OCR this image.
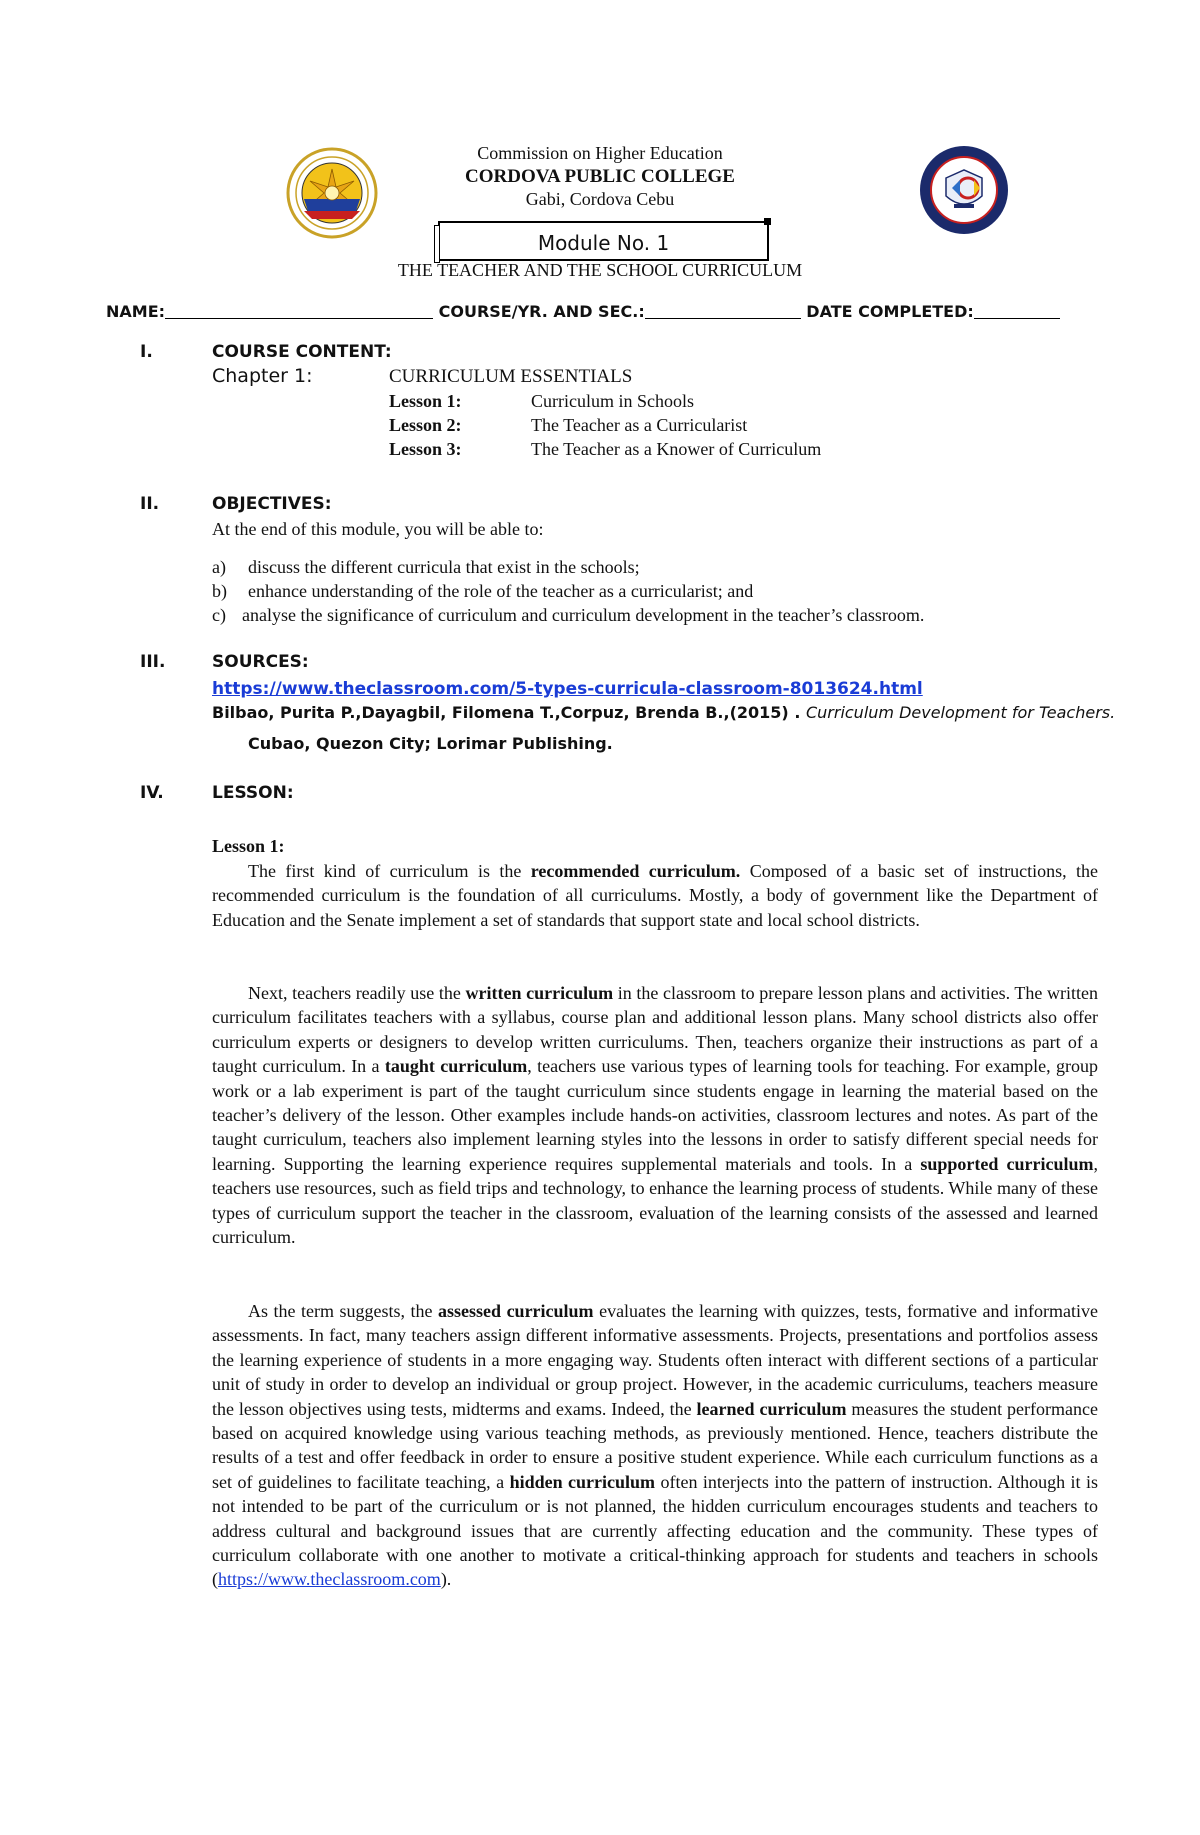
Commission on Higher Education
CORDOVA PUBLIC COLLEGE
Gabi, Cordova Cebu
Module No. 1
THE TEACHER AND THE SCHOOL CURRICULUM
NAME:	COURSE/YR. AND SEC.:	DATE COMPLETED:
I.	COURSE CONTENT:
Chapter 1:	CURRICULUM ESSENTIALS
Lesson 1:	Curriculum in Schools
Lesson 2:	The Teacher as a Curricularist
Lesson 3:	The Teacher as a Knower of Curriculum
II.	OBJECTIVES:
At the end of this module, you will be able to:
a) discuss the different curricula that exist in the schools;
b) enhance understanding of the role of the teacher as a curricularist; and
c) analyse the significance of curriculum and curriculum development in the teacher’s classroom.
III.	SOURCES:
https://www.theclassroom.com/5-types-curricula-classroom-8013624.html
Bilbao, Purita P.,Dayagbil, Filomena T.,Corpuz, Brenda B.,(2015) . Curriculum Development for Teachers.
Cubao, Quezon City; Lorimar Publishing.
IV.	LESSON:
Lesson 1:
The first kind of curriculum is the recommended curriculum. Composed of a basic set of instructions, the recommended curriculum is the foundation of all curriculums. Mostly, a body of government like the Department of Education and the Senate implement a set of standards that support state and local school districts.
Next, teachers readily use the written curriculum in the classroom to prepare lesson plans and activities. The written curriculum facilitates teachers with a syllabus, course plan and additional lesson plans. Many school districts also offer curriculum experts or designers to develop written curriculums. Then, teachers organize their instructions as part of a taught curriculum. In a taught curriculum, teachers use various types of learning tools for teaching. For example, group work or a lab experiment is part of the taught curriculum since students engage in learning the material based on the teacher’s delivery of the lesson. Other examples include hands-on activities, classroom lectures and notes. As part of the taught curriculum, teachers also implement learning styles into the lessons in order to satisfy different special needs for learning. Supporting the learning experience requires supplemental materials and tools. In a supported curriculum, teachers use resources, such as field trips and technology, to enhance the learning process of students. While many of these types of curriculum support the teacher in the classroom, evaluation of the learning consists of the assessed and learned curriculum.
As the term suggests, the assessed curriculum evaluates the learning with quizzes, tests, formative and informative assessments. In fact, many teachers assign different informative assessments. Projects, presentations and portfolios assess the learning experience of students in a more engaging way. Students often interact with different sections of a particular unit of study in order to develop an individual or group project. However, in the academic curriculums, teachers measure the lesson objectives using tests, midterms and exams. Indeed, the learned curriculum measures the student performance based on acquired knowledge using various teaching methods, as previously mentioned. Hence, teachers distribute the results of a test and offer feedback in order to ensure a positive student experience. While each curriculum functions as a set of guidelines to facilitate teaching, a hidden curriculum often interjects into the pattern of instruction. Although it is not intended to be part of the curriculum or is not planned, the hidden curriculum encourages students and teachers to address cultural and background issues that are currently affecting education and the community. These types of curriculum collaborate with one another to motivate a critical-thinking approach for students and teachers in schools (https://www.theclassroom.com).
